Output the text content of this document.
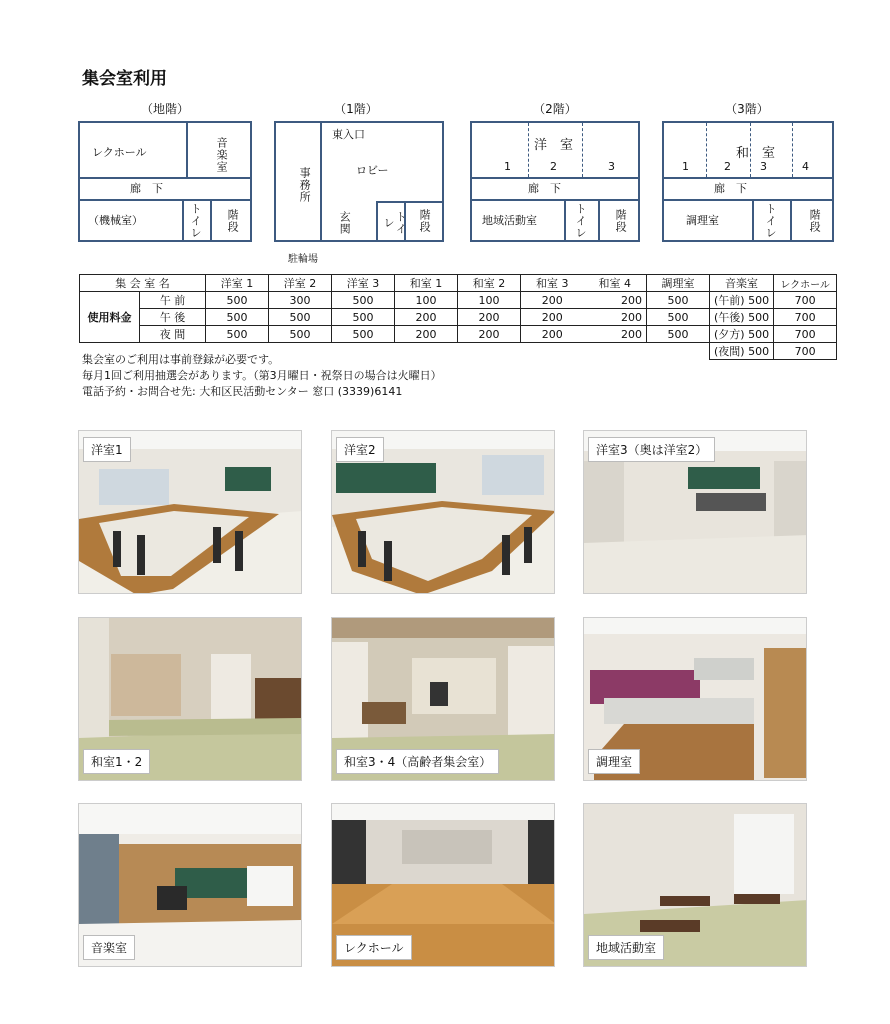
集会室利用
（地階）
レクホール	音楽室
廊　下
（機械室）	トイレ 階段
（1階）
東入口
事務所	ロビー
玄関	トイレ	階段
駐輪場
（2階）
洋　室
1	2	3
廊　下
地域活動室	トイレ 階段
（3階）
和　室
1	2	3	4
廊　下
調理室	トイレ	階段
集 会 室 名		洋室 1	洋室 2	洋室 3	和室 1	和室 2	和室 3	和室 4	調理室	音楽室	レクホール
使用料金	午 前	500	300	500	100	100	200	200	500	(午前) 500	700
	午 後	500	500	500	200	200	200	200	500	(午後) 500	700
	夜 間	500	500	500	200	200	200	200	500	(夕方) 500	700
										(夜間) 500	700
集会室のご利用は事前登録が必要です。
毎月1回ご利用抽選会があります。（第3月曜日・祝祭日の場合は火曜日）
電話予約・お問合せ先: 大和区民活動センター 窓口 (3339)6141
洋室1	洋室2	洋室3（奥は洋室2）
和室1・2	和室3・4（高齢者集会室）	調理室
音楽室	レクホール	地域活動室
